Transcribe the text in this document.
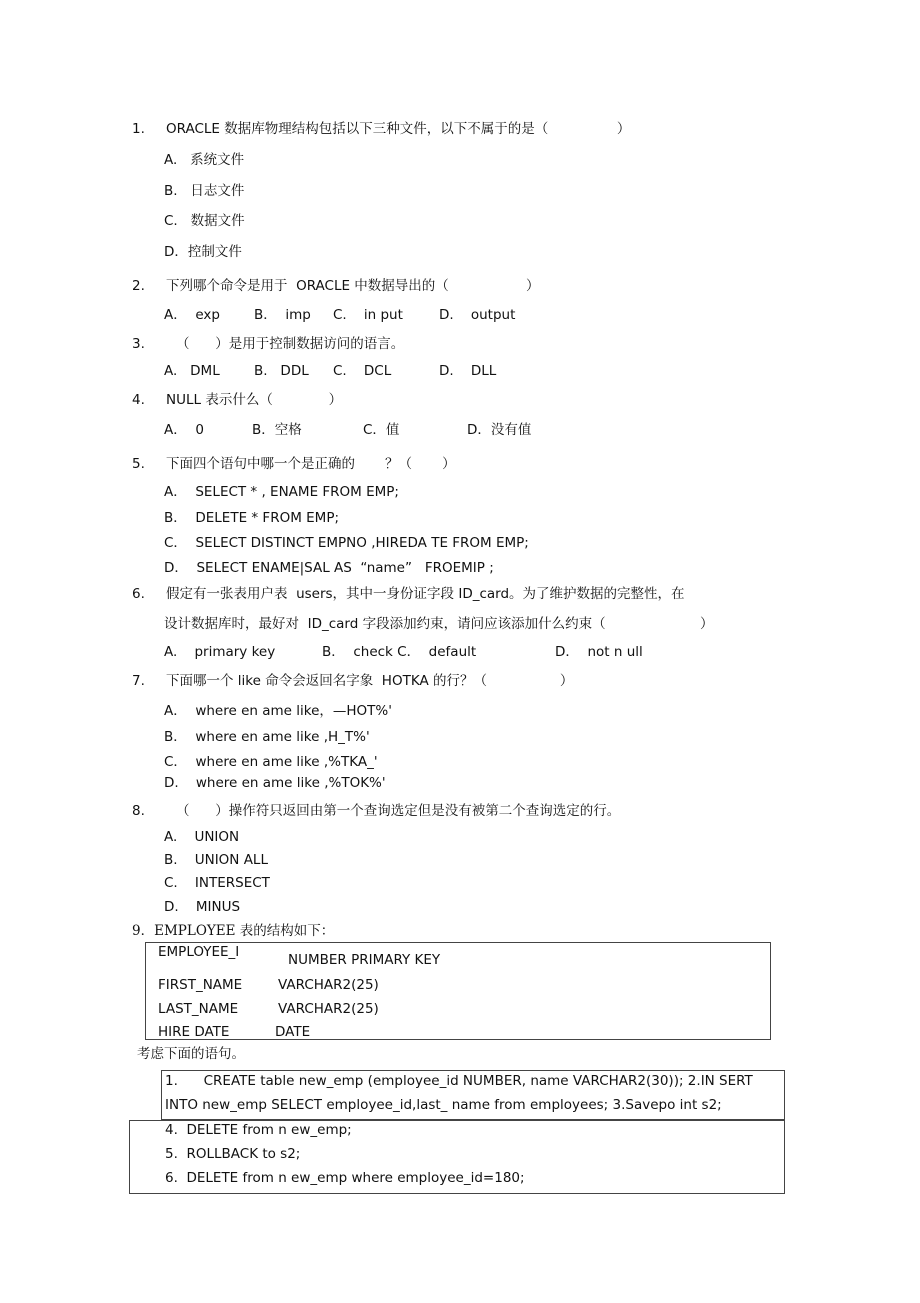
1. ORACLE 数据库物理结构包括以下三种文件，以下不属于的是（                ）
A.   系统文件
B.   日志文件
C.   数据文件
D．控制文件
2. 下列哪个命令是用于  ORACLE 中数据导出的（                  ）
A．  exp	B．  imp C.    in put	D.    output
3. （      ）是用于控制数据访问的语言。
A.   DML	B.   DDL C.    DCL	D.    DLL
4. NULL 表示什么（             ）
A．  0	B．空格	C．值	D．没有值
5. 下面四个语句中哪一个是正确的       ？（       ）
A．  SELECT * , ENAME FROM EMP;
B．  DELETE * FROM EMP;
C．  SELECT DISTINCT EMPNO ,HIREDA TE FROM EMP;
D．  SELECT ENAME|SAL AS  “name”   FROEMIP ;
6. 假定有一张表用户表  users，其中一身份证字段 ID_card。为了维护数据的完整性，在
设计数据库时，最好对  ID_card 字段添加约束，请问应该添加什么约束（                      ）
A.    primary key	B．  check C．  default	D．  not n ull
7. 下面哪一个 like 命令会返回名字象  HOTKA 的行？（                 ）
A．  where en ame like，—HOT%'
B．  where en ame like ,H_T%'
C．  where en ame like ,%TKA_'
D.    where en ame like ,%TOK%'
8. （      ）操作符只返回由第一个查询选定但是没有被第二个查询选定的行。
A.    UNION
B.    UNION ALL
C.    INTERSECT
D.    MINUS
9．EMPLOYEE 表的结构如下：
EMPLOYEE_I	NUMBER PRIMARY KEY
FIRST_NAME	VARCHAR2(25)
LAST_NAME	VARCHAR2(25)
HIRE DATE	DATE
考虑下面的语句。
1.      CREATE table new_emp (employee_id NUMBER, name VARCHAR2(30)); 2.IN SERT
INTO new_emp SELECT employee_id,last_ name from employees; 3.Savepo int s2;
4.  DELETE from n ew_emp;
5.  ROLLBACK to s2;
6.  DELETE from n ew_emp where employee_id=180;
